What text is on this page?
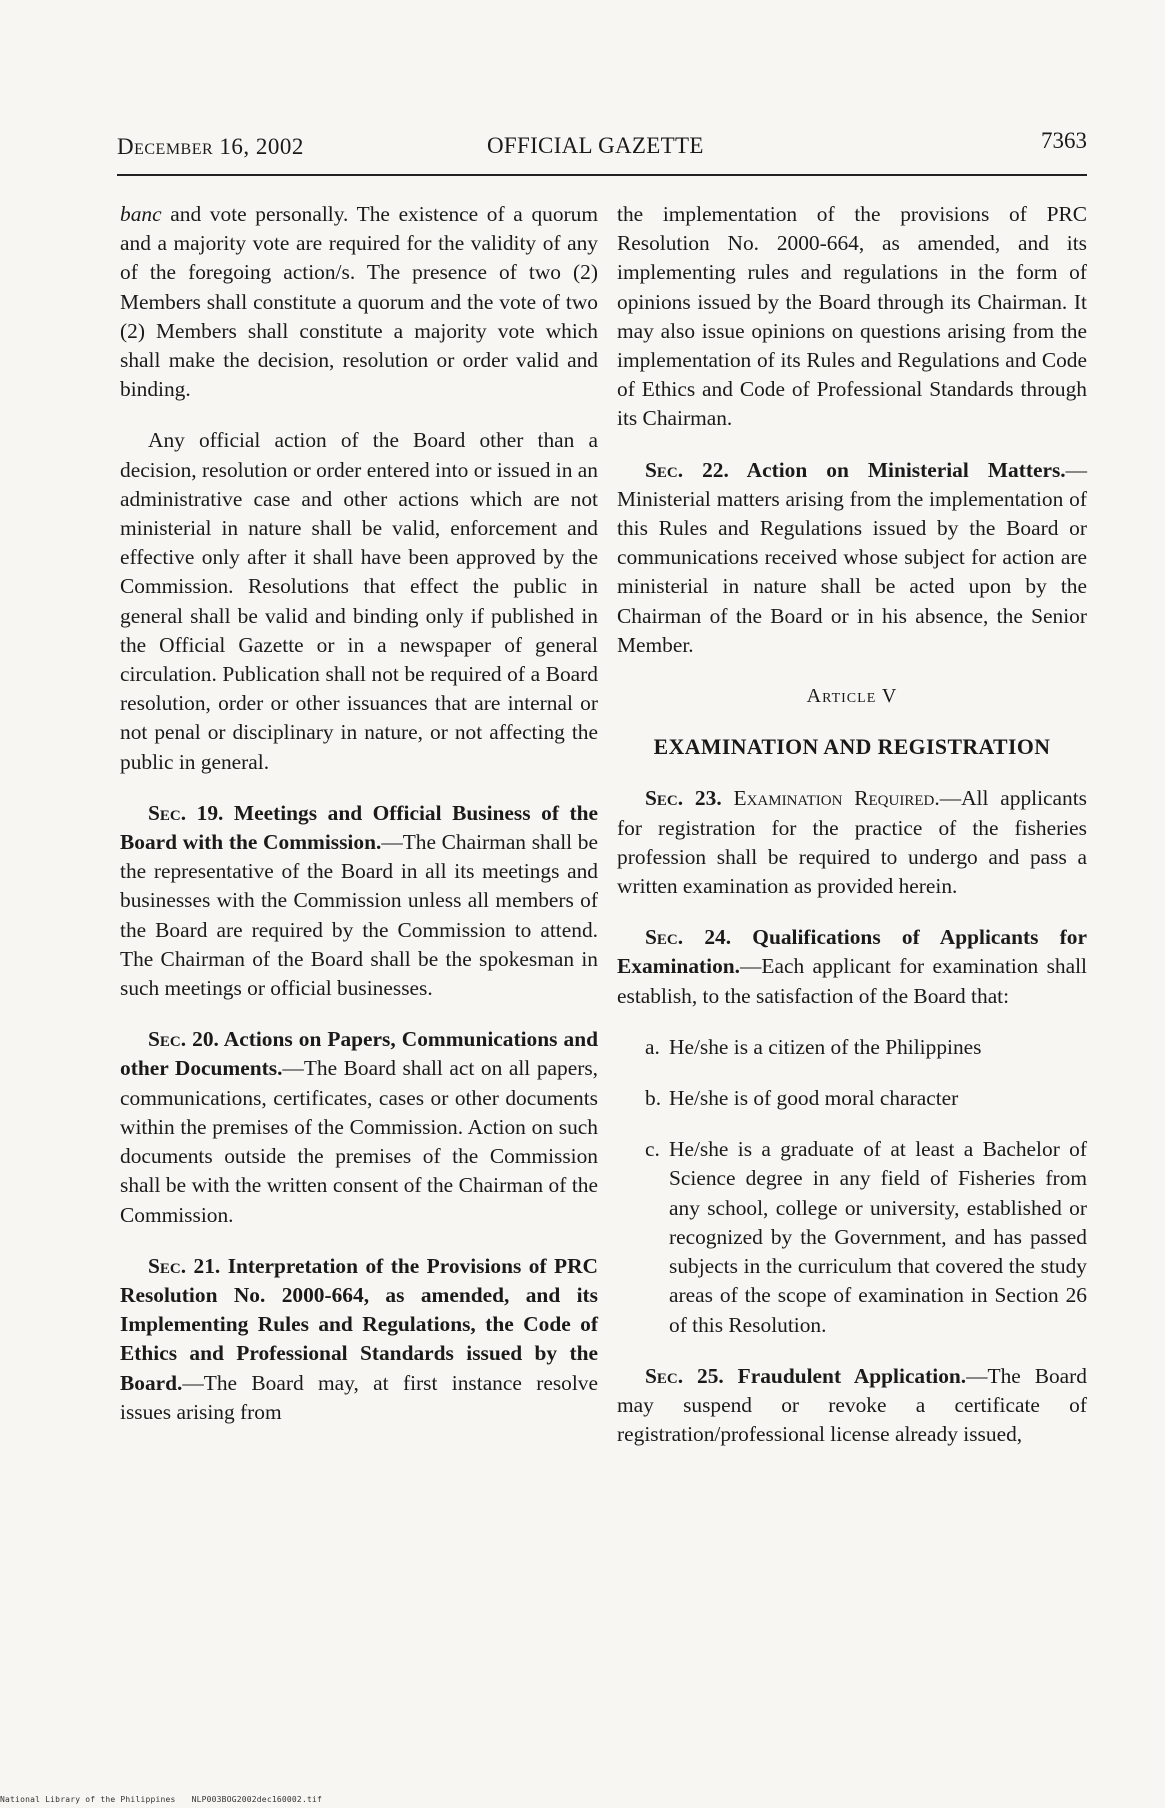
December 16, 2002	OFFICIAL GAZETTE	7363

banc and vote personally. The existence of a quorum and a majority vote are required for the validity of any of the foregoing action/s. The presence of two (2) Members shall constitute a quorum and the vote of two (2) Members shall constitute a majority vote which shall make the decision, resolution or order valid and binding.

Any official action of the Board other than a decision, resolution or order entered into or issued in an administrative case and other actions which are not ministerial in nature shall be valid, enforcement and effective only after it shall have been approved by the Commission. Resolutions that effect the public in general shall be valid and binding only if published in the Official Gazette or in a newspaper of general circulation. Publication shall not be required of a Board resolution, order or other issuances that are internal or not penal or disciplinary in nature, or not affecting the public in general.

Sec. 19. Meetings and Official Business of the Board with the Commission.—The Chairman shall be the representative of the Board in all its meetings and businesses with the Commission unless all members of the Board are required by the Commission to attend. The Chairman of the Board shall be the spokesman in such meetings or official businesses.

Sec. 20. Actions on Papers, Communications and other Documents.—The Board shall act on all papers, communications, certificates, cases or other documents within the premises of the Commission. Action on such documents outside the premises of the Commission shall be with the written consent of the Chairman of the Commission.

Sec. 21. Interpretation of the Provisions of PRC Resolution No. 2000-664, as amended, and its Implementing Rules and Regulations, the Code of Ethics and Professional Standards issued by the Board.—The Board may, at first instance resolve issues arising from

the implementation of the provisions of PRC Resolution No. 2000-664, as amended, and its implementing rules and regulations in the form of opinions issued by the Board through its Chairman. It may also issue opinions on questions arising from the implementation of its Rules and Regulations and Code of Ethics and Code of Professional Standards through its Chairman.

Sec. 22. Action on Ministerial Matters.—Ministerial matters arising from the implementation of this Rules and Regulations issued by the Board or communications received whose subject for action are ministerial in nature shall be acted upon by the Chairman of the Board or in his absence, the Senior Member.

Article V

EXAMINATION AND REGISTRATION

Sec. 23. Examination Required.—All applicants for registration for the practice of the fisheries profession shall be required to undergo and pass a written examination as provided herein.

Sec. 24. Qualifications of Applicants for Examination.—Each applicant for examination shall establish, to the satisfaction of the Board that:

a. He/she is a citizen of the Philippines
b. He/she is of good moral character
c. He/she is a graduate of at least a Bachelor of Science degree in any field of Fisheries from any school, college or university, established or recognized by the Government, and has passed subjects in the curriculum that covered the study areas of the scope of examination in Section 26 of this Resolution.

Sec. 25. Fraudulent Application.—The Board may suspend or revoke a certificate of registration/professional license already issued,

National Library of the Philippines NLP003BOG2002dec160002.tif
